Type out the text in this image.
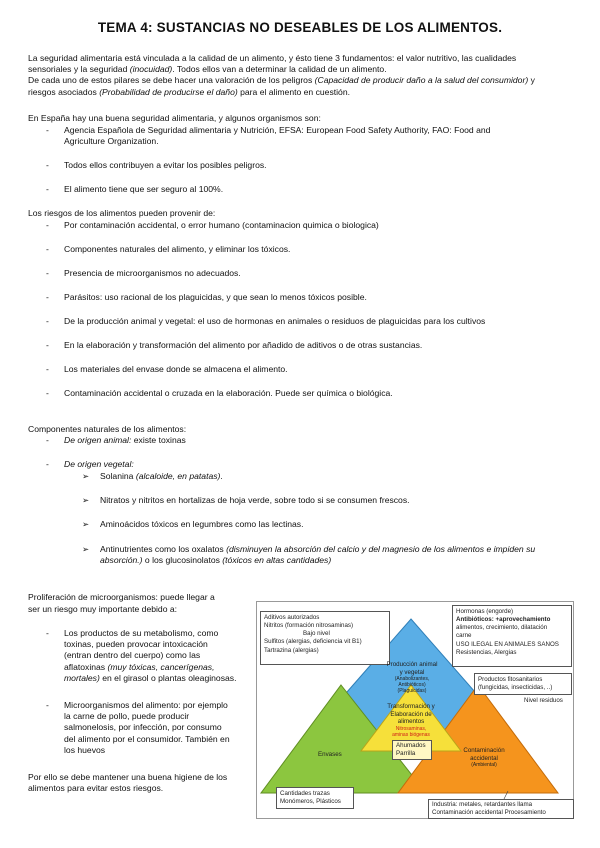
TEMA 4: SUSTANCIAS NO DESEABLES DE LOS ALIMENTOS.
La seguridad alimentaria está vinculada a la calidad de un alimento, y ésto tiene 3 fundamentos: el valor nutritivo, las cualidades
sensoriales y la seguridad (inocuidad). Todos ellos van a determinar la calidad de un alimento.
De cada uno de estos pilares se debe hacer una valoración de los peligros (Capacidad de producir daño a la salud del consumidor) y
riesgos asociados (Probabilidad de producirse el daño) para el alimento en cuestión.
En España hay una buena seguridad alimentaria, y algunos organismos son:
- Agencia Española de Seguridad alimentaria y Nutrición, EFSA: European Food Safety Authority, FAO: Food and
Agriculture Organization.
- Todos ellos contribuyen a evitar los posibles peligros.
- El alimento tiene que ser seguro al 100%.
Los riesgos de los alimentos pueden provenir de:
- Por contaminación accidental, o error humano (contaminacion quimica o biologica)
- Componentes naturales del alimento, y eliminar los tóxicos.
- Presencia de microorganismos no adecuados.
- Parásitos: uso racional de los plaguicidas, y que sean lo menos tóxicos posible.
- De la producción animal y vegetal: el uso de hormonas en animales o residuos de plaguicidas para los cultivos
- En la elaboración y transformación del alimento por añadido de aditivos o de otras sustancias.
- Los materiales del envase donde se almacena el alimento.
- Contaminación accidental o cruzada en la elaboración. Puede ser química o biológica.
Componentes naturales de los alimentos:
- De origen animal: existe toxinas
- De origen vegetal:
➢ Solanina (alcaloide, en patatas).
➢ Nitratos y nitritos en hortalizas de hoja verde, sobre todo si se consumen frescos.
➢ Aminoácidos tóxicos en legumbres como las lectinas.
➢ Antinutrientes como los oxalatos (disminuyen la absorción del calcio y del magnesio de los alimentos e impiden su
absorción.) o los glucosinolatos (tóxicos en altas cantidades)
Proliferación de microorganismos: puede llegar a
ser un riesgo muy importante debido a:
- Los productos de su metabolismo, como
toxinas, pueden provocar intoxicación
(entran dentro del cuerpo) como las
aflatoxinas (muy tóxicas, cancerígenas,
mortales) en el girasol o plantas oleaginosas.
- Microorganismos del alimento: por ejemplo
la carne de pollo, puede producir
salmonelosis, por infección, por consumo
del alimento por el consumidor. También en
los huevos
Por ello se debe mantener una buena higiene de los
alimentos para evitar estos riesgos.
Aditivos autorizados
Nitritos (formación nitrosaminas)
Bajo nivel
Sulfitos (alergias, deficiencia vit B1)
Tartrazina (alergias)
Hormonas (engorde)
Antibióticos: +aprovechamiento
alimentos, crecimiento, dilatación
carne
USO ILEGAL EN ANIMALES SANOS
Resistencias, Alergias
Productos fitosanitarios
(fungicidas, insecticidas, ..)
Nivel residuos
Producción animal
y vegetal
(Anabolizantes,
Antibióticos)
(Plaguicidas)
Transformación y
Elaboración de
alimentos
Nitrosaminas,
aminas biógenas
Envases
Ahumados
Parrilla	Contaminación
accidental
(Ambiental)
Cantidades trazas
Monómeros, Plásticos	Industria: metales, retardantes llama
Contaminación accidental Procesamiento
